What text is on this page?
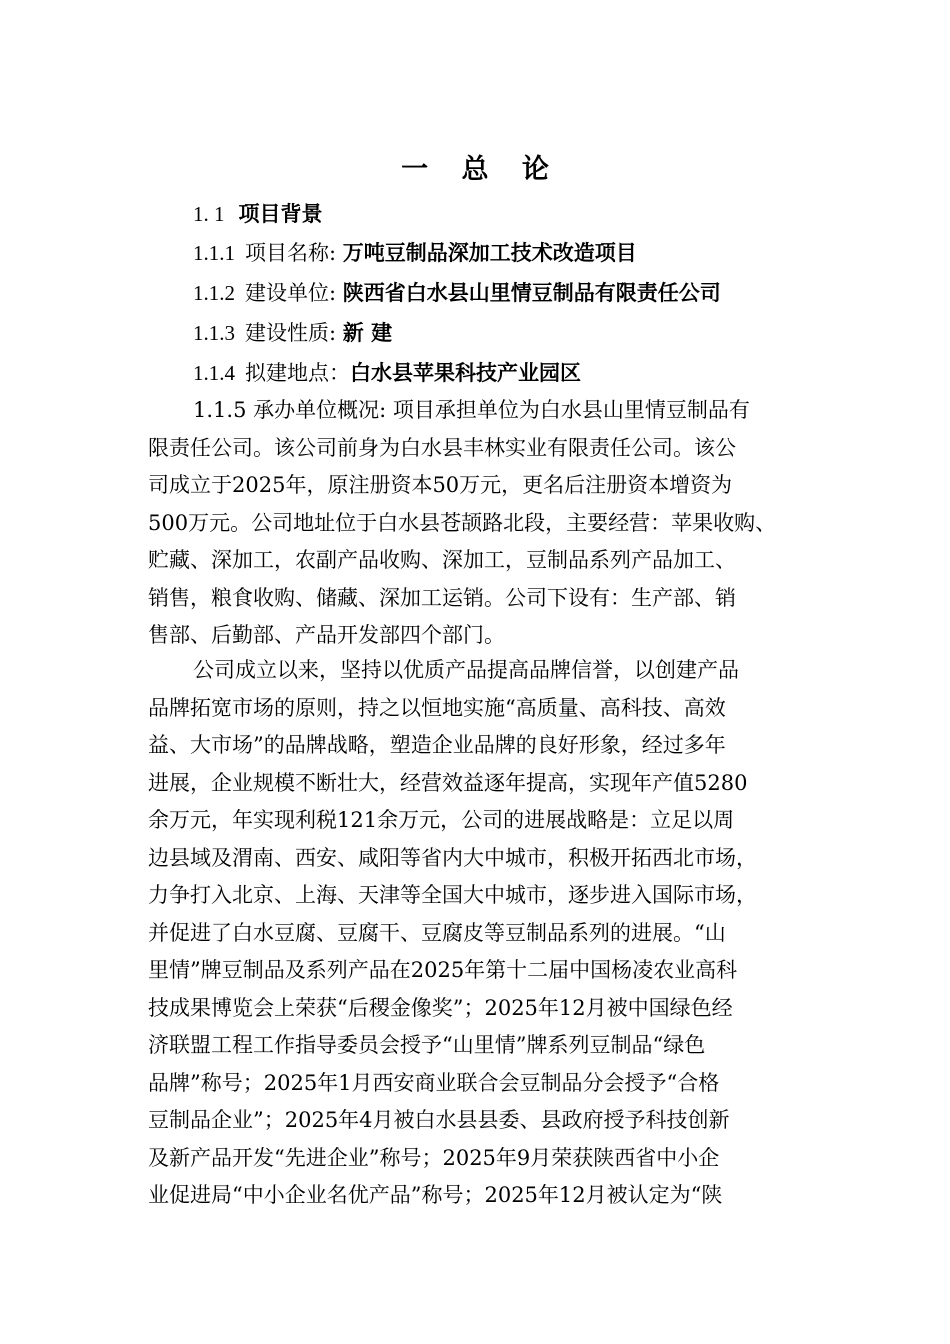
一 总 论
1. 1 项目背景
1.1.1 项目名称: 万吨豆制品深加工技术改造项目
1.1.2 建设单位: 陕西省白水县山里情豆制品有限责任公司
1.1.3 建设性质: 新 建
1.1.4 拟建地点：白水县苹果科技产业园区
1.1.5 承办单位概况: 项目承担单位为白水县山里情豆制品有
限责任公司。该公司前身为白水县丰林实业有限责任公司。该公
司成立于2025年，原注册资本50万元，更名后注册资本增资为
500万元。公司地址位于白水县苍颉路北段，主要经营：苹果收购、
贮藏、深加工，农副产品收购、深加工，豆制品系列产品加工、
销售，粮食收购、储藏、深加工运销。公司下设有：生产部、销
售部、后勤部、产品开发部四个部门。
公司成立以来，坚持以优质产品提高品牌信誉，以创建产品
品牌拓宽市场的原则，持之以恒地实施“高质量、高科技、高效
益、大市场”的品牌战略，塑造企业品牌的良好形象，经过多年
进展，企业规模不断壮大，经营效益逐年提高，实现年产值5280
余万元，年实现利税121余万元，公司的进展战略是：立足以周
边县域及渭南、西安、咸阳等省内大中城市，积极开拓西北市场，
力争打入北京、上海、天津等全国大中城市，逐步进入国际市场，
并促进了白水豆腐、豆腐干、豆腐皮等豆制品系列的进展。“山
里情”牌豆制品及系列产品在2025年第十二届中国杨凌农业高科
技成果博览会上荣获“后稷金像奖”；2025年12月被中国绿色经
济联盟工程工作指导委员会授予“山里情”牌系列豆制品“绿色
品牌”称号；2025年1月西安商业联合会豆制品分会授予“合格
豆制品企业”；2025年4月被白水县县委、县政府授予科技创新
及新产品开发“先进企业”称号；2025年9月荣获陕西省中小企
业促进局“中小企业名优产品”称号；2025年12月被认定为“陕
